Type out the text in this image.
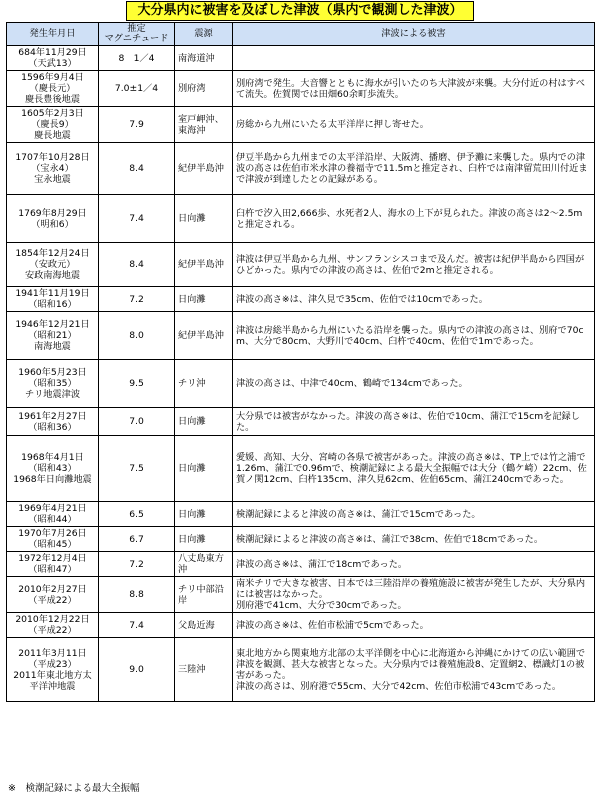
大分県内に被害を及ぼした津波（県内で観測した津波）
発生年月日	推定
マグニチュード	震源	津波による被害

684年11月29日
（天武13）	8　1／4	南海道沖	

1596年9月4日
（慶長元）
慶長豊後地震	7.0±1／4	別府湾	別府湾で発生。大音響とともに海水が引いたのち大津波が来襲。大分付近の村はすべて流失。佐賀関では田畑60余町歩流失。

1605年2月3日
（慶長9）
慶長地震	7.9	室戸岬沖、
東海沖	房総から九州にいたる太平洋岸に押し寄せた。

1707年10月28日
（宝永4）
宝永地震	8.4	紀伊半島沖	伊豆半島から九州までの太平洋沿岸、大阪湾、播磨、伊予灘に来襲した。県内での津波の高さは佐伯市米水津の養福寺で11.5mと推定され、臼杵では南津留荒田川付近まで津波が到達したとの記録がある。

1769年8月29日
（明和6）	7.4	日向灘	臼杵で汐入田2,666歩、水死者2人、海水の上下が見られた。津波の高さは2～2.5mと推定される。

1854年12月24日
（安政元）
安政南海地震	8.4	紀伊半島沖	津波は伊豆半島から九州、サンフランシスコまで及んだ。被害は紀伊半島から四国がひどかった。県内での津波の高さは、佐伯で2mと推定される。

1941年11月19日
（昭和16）	7.2	日向灘	津波の高さ※は、津久見で35cm、佐伯では10cmであった。

1946年12月21日
（昭和21）
南海地震	8.0	紀伊半島沖	津波は房総半島から九州にいたる沿岸を襲った。県内での津波の高さは、別府で70cm、大分で80cm、大野川で40cm、臼杵で40cm、佐伯で1mであった。

1960年5月23日
（昭和35）
チリ地震津波	9.5	チリ沖	津波の高さは、中津で40cm、鶴崎で134cmであった。

1961年2月27日
（昭和36）	7.0	日向灘	大分県では被害がなかった。津波の高さ※は、佐伯で10cm、蒲江で15cmを記録した。

1968年4月1日
（昭和43）
1968年日向灘地震	7.5	日向灘	愛媛、高知、大分、宮崎の各県で被害があった。津波の高さ※は、TP上では竹之浦で1.26m、蒲江で0.96mで、検潮記録による最大全振幅では大分（鶴ケ崎）22cm、佐賀ノ関12cm、臼杵135cm、津久見62cm、佐伯65cm、蒲江240cmであった。

1969年4月21日
（昭和44）	6.5	日向灘	検潮記録によると津波の高さ※は、蒲江で15cmであった。

1970年7月26日
（昭和45）	6.7	日向灘	検潮記録によると津波の高さ※は、蒲江で38cm、佐伯で18cmであった。

1972年12月4日
（昭和47）	7.2	八丈島東方沖	津波の高さ※は、蒲江で18cmであった。

2010年2月27日
（平成22）	8.8	チリ中部沿岸	南米チリで大きな被害、日本では三陸沿岸の養殖施設に被害が発生したが、大分県内には被害はなかった。
別府港で41cm、大分で30cmであった。

2010年12月22日
（平成22）	7.4	父島近海	津波の高さ※は、佐伯市松浦で5cmであった。

2011年3月11日
（平成23）
2011年東北地方太平洋沖地震	9.0	三陸沖	東北地方から関東地方北部の太平洋側を中心に北海道から沖縄にかけての広い範囲で津波を観測、甚大な被害となった。大分県内では養殖施設8、定置網2、標識灯1の被害があった。
津波の高さは、別府港で55cm、大分で42cm、佐伯市松浦で43cmであった。
※　検潮記録による最大全振幅
